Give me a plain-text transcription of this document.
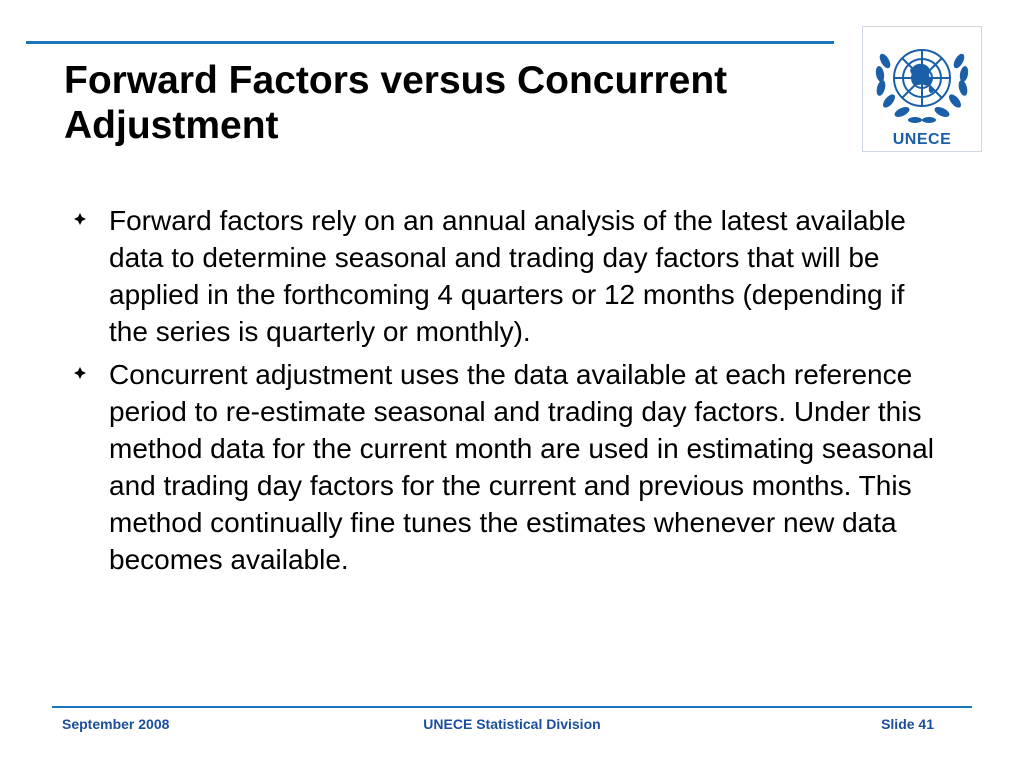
Forward Factors versus Concurrent Adjustment	UNECE
Forward factors rely on an annual analysis of the latest available data to determine seasonal and trading day factors that will be applied in the forthcoming 4 quarters or 12 months (depending if the series is quarterly or monthly).
Concurrent adjustment uses the data available at each reference period to re-estimate seasonal and trading day factors. Under this method data for the current month are used in estimating seasonal and trading day factors for the current and previous months. This method continually fine tunes the estimates whenever new data becomes available.
September 2008	UNECE Statistical Division	Slide 41
